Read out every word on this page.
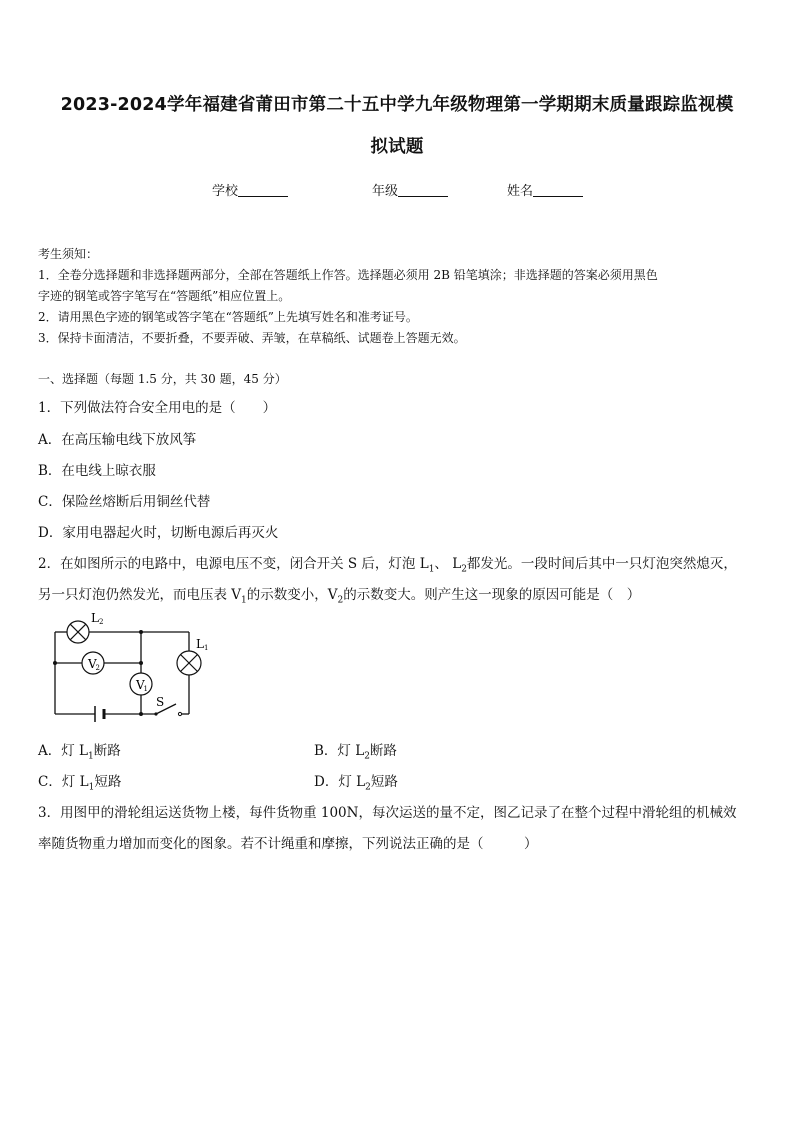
2023-2024学年福建省莆田市第二十五中学九年级物理第一学期期末质量跟踪监视模
拟试题
学校	年级	姓名
考生须知：
1．全卷分选择题和非选择题两部分，全部在答题纸上作答。选择题必须用 2B 铅笔填涂；非选择题的答案必须用黑色
字迹的钢笔或答字笔写在“答题纸”相应位置上。
2．请用黑色字迹的钢笔或答字笔在“答题纸”上先填写姓名和准考证号。
3．保持卡面清洁，不要折叠，不要弄破、弄皱，在草稿纸、试题卷上答题无效。
一、选择题（每题 1.5 分，共 30 题，45 分）
1．下列做法符合安全用电的是（　　）
A．在高压输电线下放风筝
B．在电线上晾衣服
C．保险丝熔断后用铜丝代替
D．家用电器起火时，切断电源后再灭火
2．在如图所示的电路中，电源电压不变，闭合开关 S 后，灯泡 $L_1$、 $L_2$都发光。一段时间后其中一只灯泡突然熄灭，
另一只灯泡仍然发光，而电压表 $V_1$的示数变小，$V_2$的示数变大。则产生这一现象的原因可能是（　）
V
2
V
1
L 2
L 1
S
A．灯 $L_1$断路	B．灯 $L_2$断路
C．灯 $L_1$短路	D．灯 $L_2$短路
3．用图甲的滑轮组运送货物上楼，每件货物重 100N，每次运送的量不定，图乙记录了在整个过程中滑轮组的机械效
率随货物重力增加而变化的图象。若不计绳重和摩擦，下列说法正确的是（　　　）
